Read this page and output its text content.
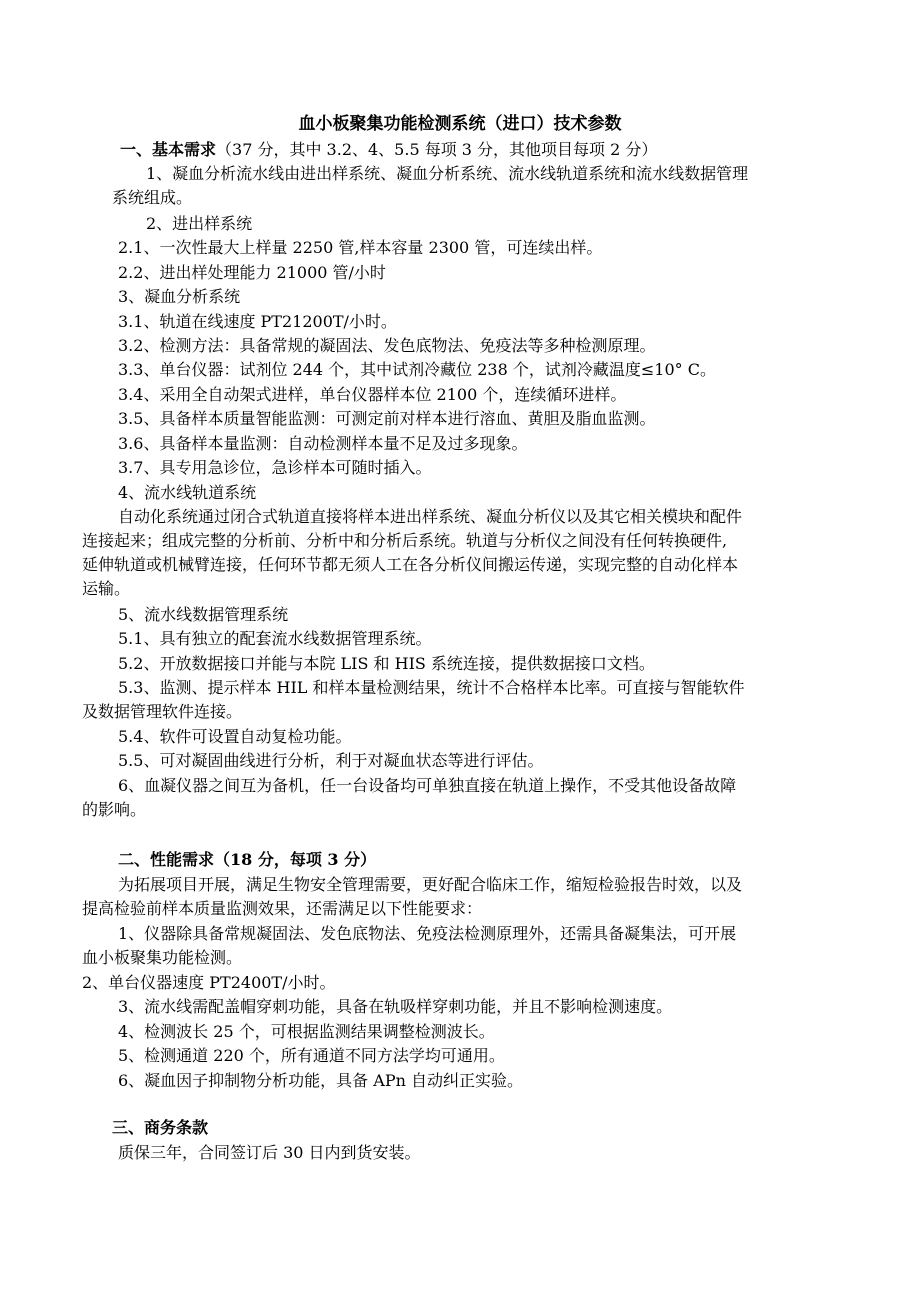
血小板聚集功能检测系统（进口）技术参数
一、基本需求（37 分，其中 3.2、4、5.5 每项 3 分，其他项目每项 2 分）
1、凝血分析流水线由进出样系统、凝血分析系统、流水线轨道系统和流水线数据管理
系统组成。
2、进出样系统
2.1、一次性最大上样量 2250 管,样本容量 2300 管，可连续出样。
2.2、进出样处理能力 21000 管/小时
3、凝血分析系统
3.1、轨道在线速度 PT21200T/小时。
3.2、检测方法：具备常规的凝固法、发色底物法、免疫法等多种检测原理。
3.3、单台仪器：试剂位 244 个，其中试剂冷藏位 238 个，试剂冷藏温度≤10° C。
3.4、采用全自动架式进样，单台仪器样本位 2100 个，连续循环进样。
3.5、具备样本质量智能监测：可测定前对样本进行溶血、黄胆及脂血监测。
3.6、具备样本量监测：自动检测样本量不足及过多现象。
3.7、具专用急诊位，急诊样本可随时插入。
4、流水线轨道系统
自动化系统通过闭合式轨道直接将样本进出样系统、凝血分析仪以及其它相关模块和配件
连接起来；组成完整的分析前、分析中和分析后系统。轨道与分析仪之间没有任何转换硬件,
延伸轨道或机械臂连接，任何环节都无须人工在各分析仪间搬运传递，实现完整的自动化样本
运输。
5、流水线数据管理系统
5.1、具有独立的配套流水线数据管理系统。
5.2、开放数据接口并能与本院 LIS 和 HIS 系统连接，提供数据接口文档。
5.3、监测、提示样本 HIL 和样本量检测结果，统计不合格样本比率。可直接与智能软件
及数据管理软件连接。
5.4、软件可设置自动复检功能。
5.5、可对凝固曲线进行分析，利于对凝血状态等进行评估。
6、血凝仪器之间互为备机，任一台设备均可单独直接在轨道上操作，不受其他设备故障
的影响。
二、性能需求（18 分，每项 3 分）
为拓展项目开展，满足生物安全管理需要，更好配合临床工作，缩短检验报告时效，以及
提高检验前样本质量监测效果，还需满足以下性能要求：
1、仪器除具备常规凝固法、发色底物法、免疫法检测原理外，还需具备凝集法，可开展
血小板聚集功能检测。
2、单台仪器速度 PT2400T/小时。
3、流水线需配盖帽穿刺功能，具备在轨吸样穿刺功能，并且不影响检测速度。
4、检测波长 25 个，可根据监测结果调整检测波长。
5、检测通道 220 个，所有通道不同方法学均可通用。
6、凝血因子抑制物分析功能，具备 APn 自动纠正实验。
三、商务条款
质保三年，合同签订后 30 日内到货安装。
